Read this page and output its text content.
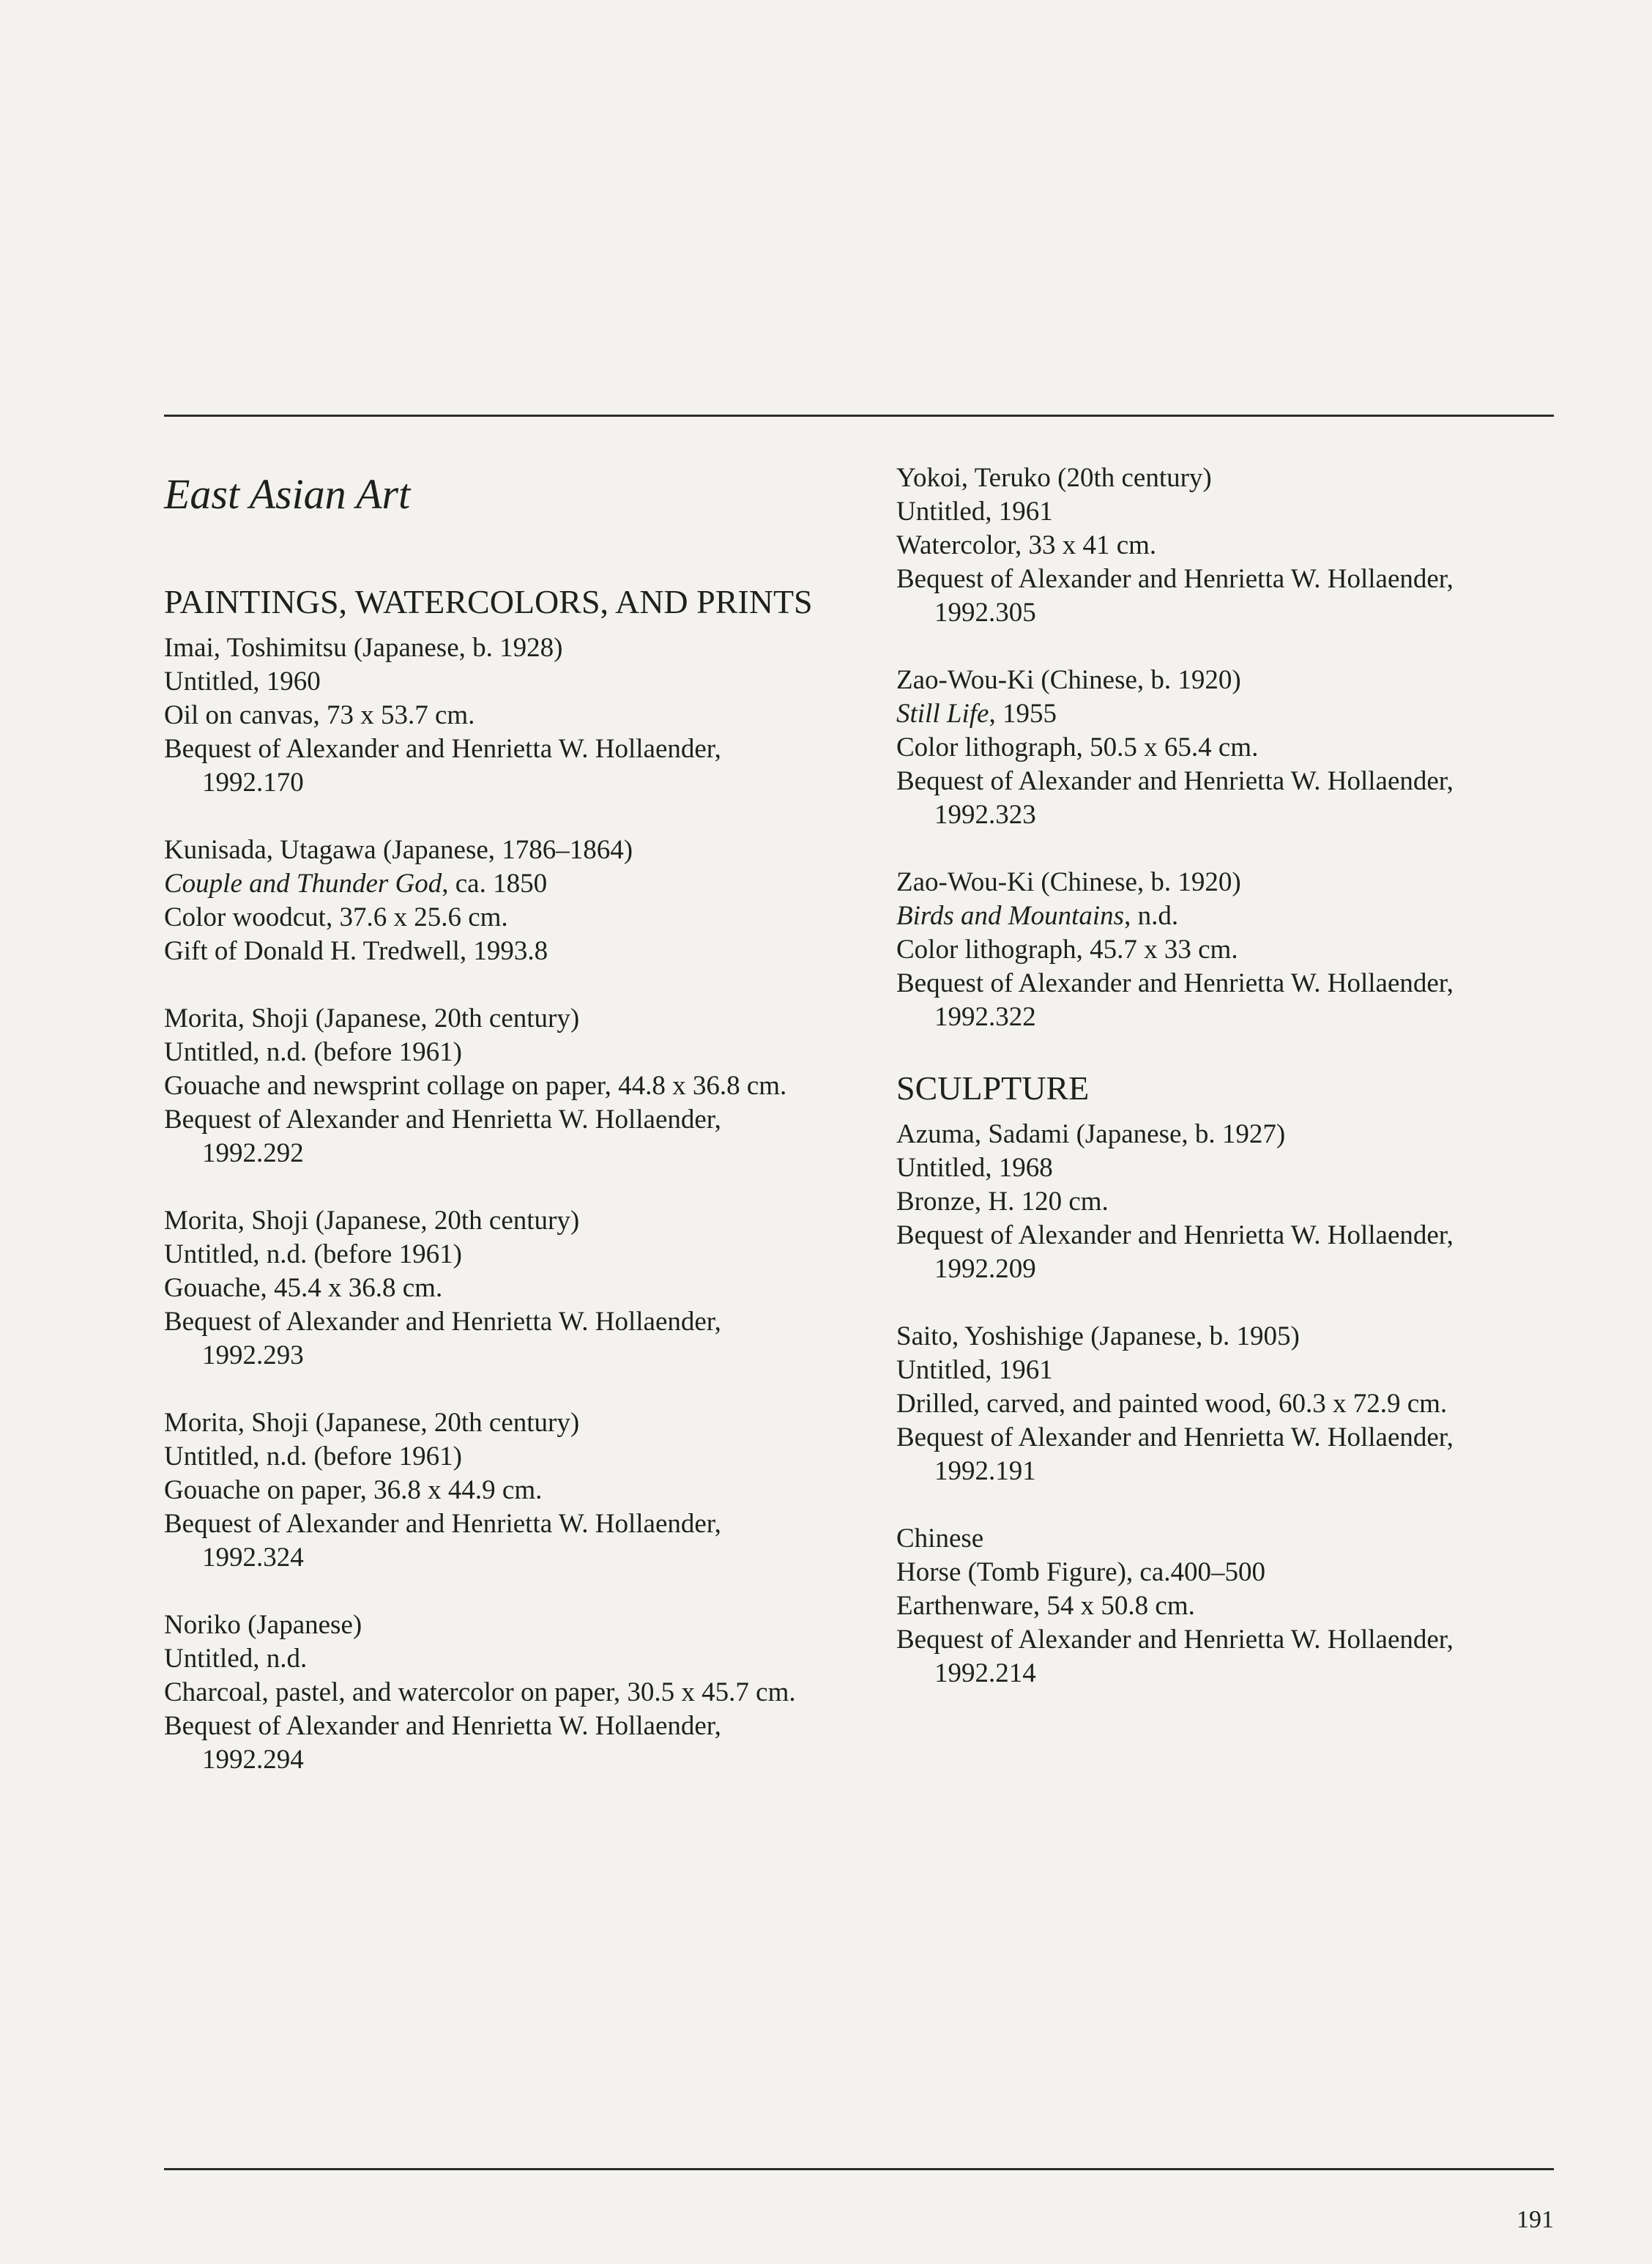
East Asian Art
PAINTINGS, WATERCOLORS, AND PRINTS
Imai, Toshimitsu (Japanese, b. 1928)
Untitled, 1960
Oil on canvas, 73 x 53.7 cm.
Bequest of Alexander and Henrietta W. Hollaender, 1992.170
Kunisada, Utagawa (Japanese, 1786–1864)
Couple and Thunder God, ca. 1850
Color woodcut, 37.6 x 25.6 cm.
Gift of Donald H. Tredwell, 1993.8
Morita, Shoji (Japanese, 20th century)
Untitled, n.d. (before 1961)
Gouache and newsprint collage on paper, 44.8 x 36.8 cm.
Bequest of Alexander and Henrietta W. Hollaender, 1992.292
Morita, Shoji (Japanese, 20th century)
Untitled, n.d. (before 1961)
Gouache, 45.4 x 36.8 cm.
Bequest of Alexander and Henrietta W. Hollaender, 1992.293
Morita, Shoji (Japanese, 20th century)
Untitled, n.d. (before 1961)
Gouache on paper, 36.8 x 44.9 cm.
Bequest of Alexander and Henrietta W. Hollaender, 1992.324
Noriko (Japanese)
Untitled, n.d.
Charcoal, pastel, and watercolor on paper, 30.5 x 45.7 cm.
Bequest of Alexander and Henrietta W. Hollaender, 1992.294
Yokoi, Teruko (20th century)
Untitled, 1961
Watercolor, 33 x 41 cm.
Bequest of Alexander and Henrietta W. Hollaender, 1992.305
Zao-Wou-Ki (Chinese, b. 1920)
Still Life, 1955
Color lithograph, 50.5 x 65.4 cm.
Bequest of Alexander and Henrietta W. Hollaender, 1992.323
Zao-Wou-Ki (Chinese, b. 1920)
Birds and Mountains, n.d.
Color lithograph, 45.7 x 33 cm.
Bequest of Alexander and Henrietta W. Hollaender, 1992.322
SCULPTURE
Azuma, Sadami (Japanese, b. 1927)
Untitled, 1968
Bronze, H. 120 cm.
Bequest of Alexander and Henrietta W. Hollaender, 1992.209
Saito, Yoshishige (Japanese, b. 1905)
Untitled, 1961
Drilled, carved, and painted wood, 60.3 x 72.9 cm.
Bequest of Alexander and Henrietta W. Hollaender, 1992.191
Chinese
Horse (Tomb Figure), ca.400–500
Earthenware, 54 x 50.8 cm.
Bequest of Alexander and Henrietta W. Hollaender, 1992.214
191
